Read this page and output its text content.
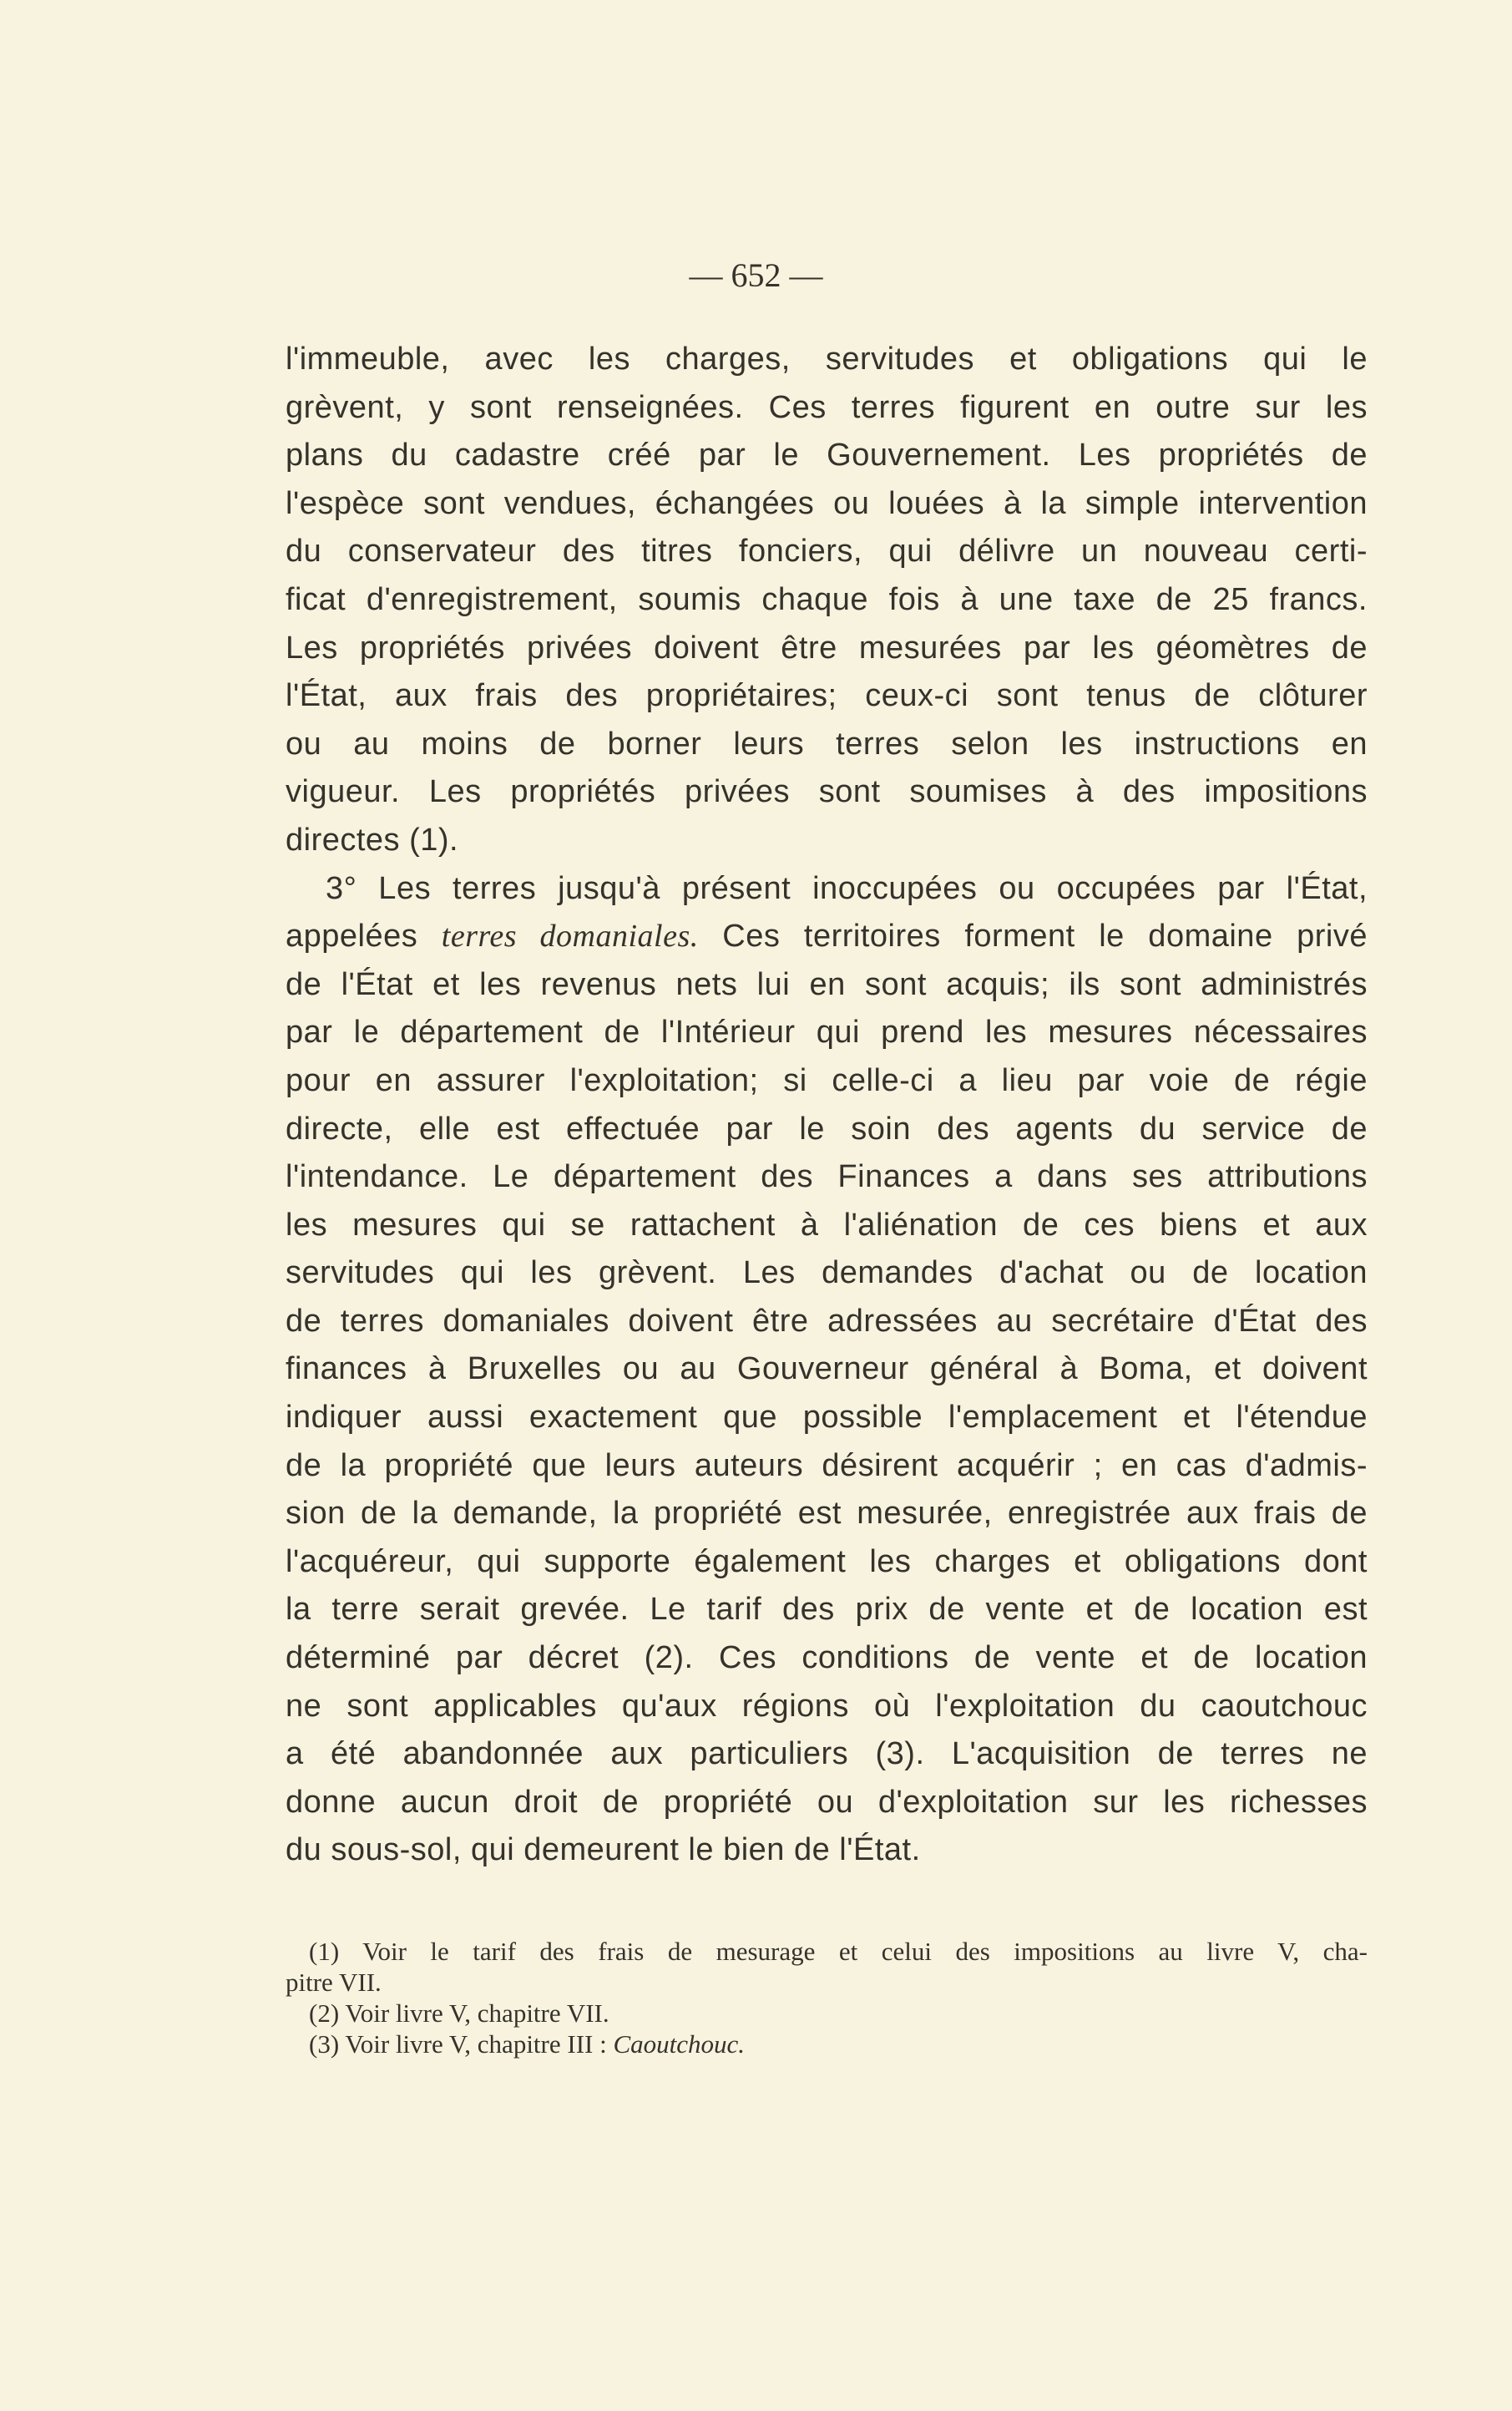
— 652 —
l'immeuble, avec les charges, servitudes et obligations qui le
grèvent, y sont renseignées. Ces terres figurent en outre sur les
plans du cadastre créé par le Gouvernement. Les propriétés de
l'espèce sont vendues, échangées ou louées à la simple intervention
du conservateur des titres fonciers, qui délivre un nouveau certi-
ficat d'enregistrement, soumis chaque fois à une taxe de 25 francs.
Les propriétés privées doivent être mesurées par les géomètres de
l'État, aux frais des propriétaires; ceux-ci sont tenus de clôturer
ou au moins de borner leurs terres selon les instructions en
vigueur. Les propriétés privées sont soumises à des impositions
directes (1).
3° Les terres jusqu'à présent inoccupées ou occupées par l'État,
appelées terres domaniales. Ces territoires forment le domaine privé
de l'État et les revenus nets lui en sont acquis; ils sont administrés
par le département de l'Intérieur qui prend les mesures nécessaires
pour en assurer l'exploitation; si celle-ci a lieu par voie de régie
directe, elle est effectuée par le soin des agents du service de
l'intendance. Le département des Finances a dans ses attributions
les mesures qui se rattachent à l'aliénation de ces biens et aux
servitudes qui les grèvent. Les demandes d'achat ou de location
de terres domaniales doivent être adressées au secrétaire d'État des
finances à Bruxelles ou au Gouverneur général à Boma, et doivent
indiquer aussi exactement que possible l'emplacement et l'étendue
de la propriété que leurs auteurs désirent acquérir ; en cas d'admis-
sion de la demande, la propriété est mesurée, enregistrée aux frais de
l'acquéreur, qui supporte également les charges et obligations dont
la terre serait grevée. Le tarif des prix de vente et de location est
déterminé par décret (2). Ces conditions de vente et de location
ne sont applicables qu'aux régions où l'exploitation du caoutchouc
a été abandonnée aux particuliers (3). L'acquisition de terres ne
donne aucun droit de propriété ou d'exploitation sur les richesses
du sous-sol, qui demeurent le bien de l'État.
(1) Voir le tarif des frais de mesurage et celui des impositions au livre V, cha-
pitre VII.
(2) Voir livre V, chapitre VII.
(3) Voir livre V, chapitre III : Caoutchouc.
